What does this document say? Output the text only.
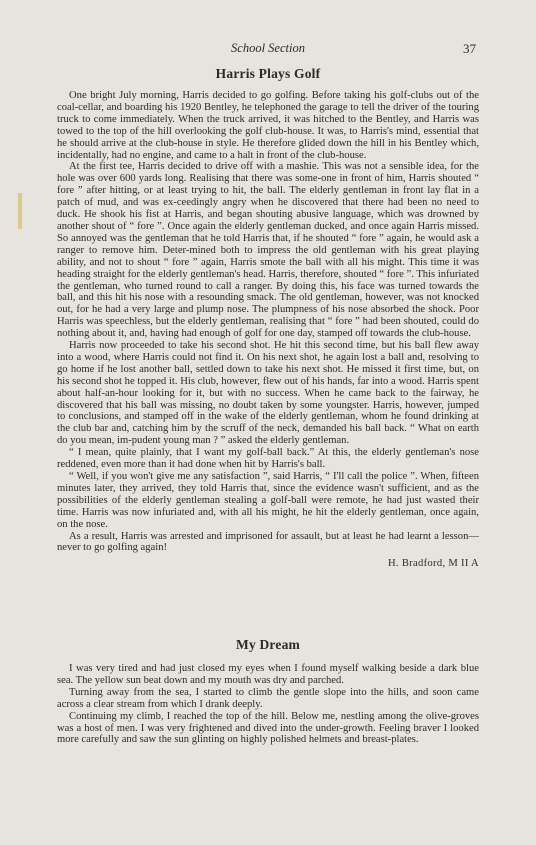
School Section	37
Harris Plays Golf

One bright July morning, Harris decided to go golfing. Before taking his golf-clubs out of the coal-cellar, and boarding his 1920 Bentley, he telephoned the garage to tell the driver of the touring truck to come immediately. When the truck arrived, it was hitched to the Bentley, and Harris was towed to the top of the hill overlooking the golf club-house. It was, to Harris's mind, essential that he should arrive at the club-house in style. He therefore glided down the hill in his Bentley which, incidentally, had no engine, and came to a halt in front of the club-house.

At the first tee, Harris decided to drive off with a mashie. This was not a sensible idea, for the hole was over 600 yards long. Realising that there was some-one in front of him, Harris shouted “ fore ” after hitting, or at least trying to hit, the ball. The elderly gentleman in front lay flat in a patch of mud, and was ex-ceedingly angry when he discovered that there had been no need to duck. He shook his fist at Harris, and began shouting abusive language, which was drowned by another shout of “ fore ”. Once again the elderly gentleman ducked, and once again Harris missed. So annoyed was the gentleman that he told Harris that, if he shouted “ fore ” again, he would ask a ranger to remove him. Deter-mined both to impress the old gentleman with his great playing ability, and not to shout “ fore ” again, Harris smote the ball with all his might. This time it was heading straight for the elderly gentleman's head. Harris, therefore, shouted “ fore ”. This infuriated the gentleman, who turned round to call a ranger. By doing this, his face was turned towards the ball, and this hit his nose with a resounding smack. The old gentleman, however, was not knocked out, for he had a very large and plump nose. The plumpness of his nose absorbed the shock. Poor Harris was speechless, but the elderly gentleman, realising that “ fore ” had been shouted, could do nothing about it, and, having had enough of golf for one day, stamped off towards the club-house.

Harris now proceeded to take his second shot. He hit this second time, but his ball flew away into a wood, where Harris could not find it. On his next shot, he again lost a ball and, resolving to go home if he lost another ball, settled down to take his next shot. He missed it first time, but, on his second shot he topped it. His club, however, flew out of his hands, far into a wood. Harris spent about half-an-hour looking for it, but with no success. When he came back to the fairway, he discovered that his ball was missing, no doubt taken by some youngster. Harris, however, jumped to conclusions, and stamped off in the wake of the elderly gentleman, whom he found drinking at the club bar and, catching him by the scruff of the neck, demanded his ball back. “ What on earth do you mean, im-pudent young man ? ” asked the elderly gentleman.

“ I mean, quite plainly, that I want my golf-ball back.” At this, the elderly gentleman's nose reddened, even more than it had done when hit by Harris's ball.

“ Well, if you won't give me any satisfaction ”, said Harris, “ I'll call the police ”. When, fifteen minutes later, they arrived, they told Harris that, since the evidence wasn't sufficient, and as the possibilities of the elderly gentleman stealing a golf-ball were remote, he had just wasted their time. Harris was now infuriated and, with all his might, he hit the elderly gentleman, once again, on the nose.

As a result, Harris was arrested and imprisoned for assault, but at least he had learnt a lesson—never to go golfing again!

H. Bradford, M II A
My Dream

I was very tired and had just closed my eyes when I found myself walking beside a dark blue sea. The yellow sun beat down and my mouth was dry and parched.

Turning away from the sea, I started to climb the gentle slope into the hills, and soon came across a clear stream from which I drank deeply.

Continuing my climb, I reached the top of the hill. Below me, nestling among the olive-groves was a host of men. I was very frightened and dived into the under-growth. Feeling braver I looked more carefully and saw the sun glinting on highly polished helmets and breast-plates.
